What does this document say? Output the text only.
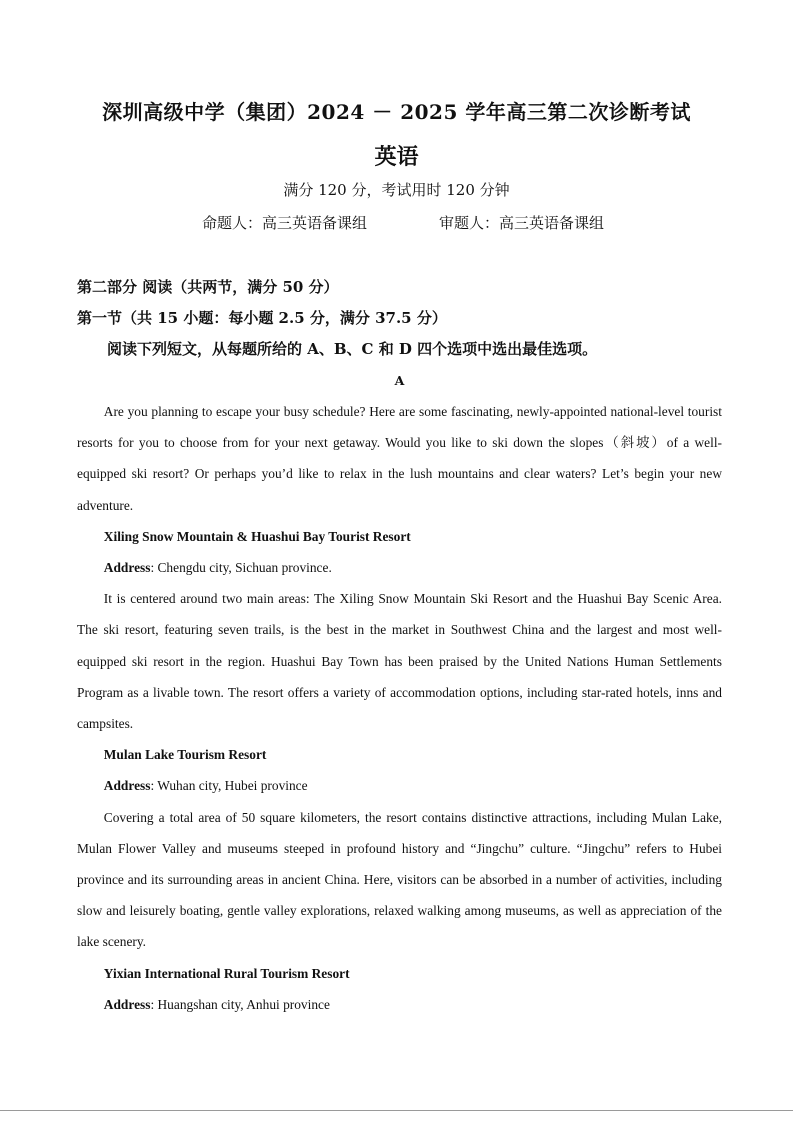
深圳高级中学（集团）2024 － 2025 学年高三第二次诊断考试
英语
满分 120 分，考试用时 120 分钟
命题人：高三英语备课组	审题人：高三英语备课组
第二部分 阅读（共两节，满分 50 分）
第一节（共 15 小题：每小题 2.5 分，满分 37.5 分）
阅读下列短文，从每题所给的 A、B、C 和 D 四个选项中选出最佳选项。
A

Are you planning to escape your busy schedule? Here are some fascinating, newly-appointed national-level tourist resorts for you to choose from for your next getaway. Would you like to ski down the slopes（斜坡）of a well-equipped ski resort? Or perhaps you’d like to relax in the lush mountains and clear waters? Let’s begin your new adventure.

Xiling Snow Mountain & Huashui Bay Tourist Resort

Address: Chengdu city, Sichuan province.

It is centered around two main areas: The Xiling Snow Mountain Ski Resort and the Huashui Bay Scenic Area. The ski resort, featuring seven trails, is the best in the market in Southwest China and the largest and most well-equipped ski resort in the region. Huashui Bay Town has been praised by the United Nations Human Settlements Program as a livable town. The resort offers a variety of accommodation options, including star-rated hotels, inns and campsites.

Mulan Lake Tourism Resort

Address: Wuhan city, Hubei province

Covering a total area of 50 square kilometers, the resort contains distinctive attractions, including Mulan Lake, Mulan Flower Valley and museums steeped in profound history and “Jingchu” culture. “Jingchu” refers to Hubei province and its surrounding areas in ancient China. Here, visitors can be absorbed in a number of activities, including slow and leisurely boating, gentle valley explorations, relaxed walking among museums, as well as appreciation of the lake scenery.

Yixian International Rural Tourism Resort

Address: Huangshan city, Anhui province
